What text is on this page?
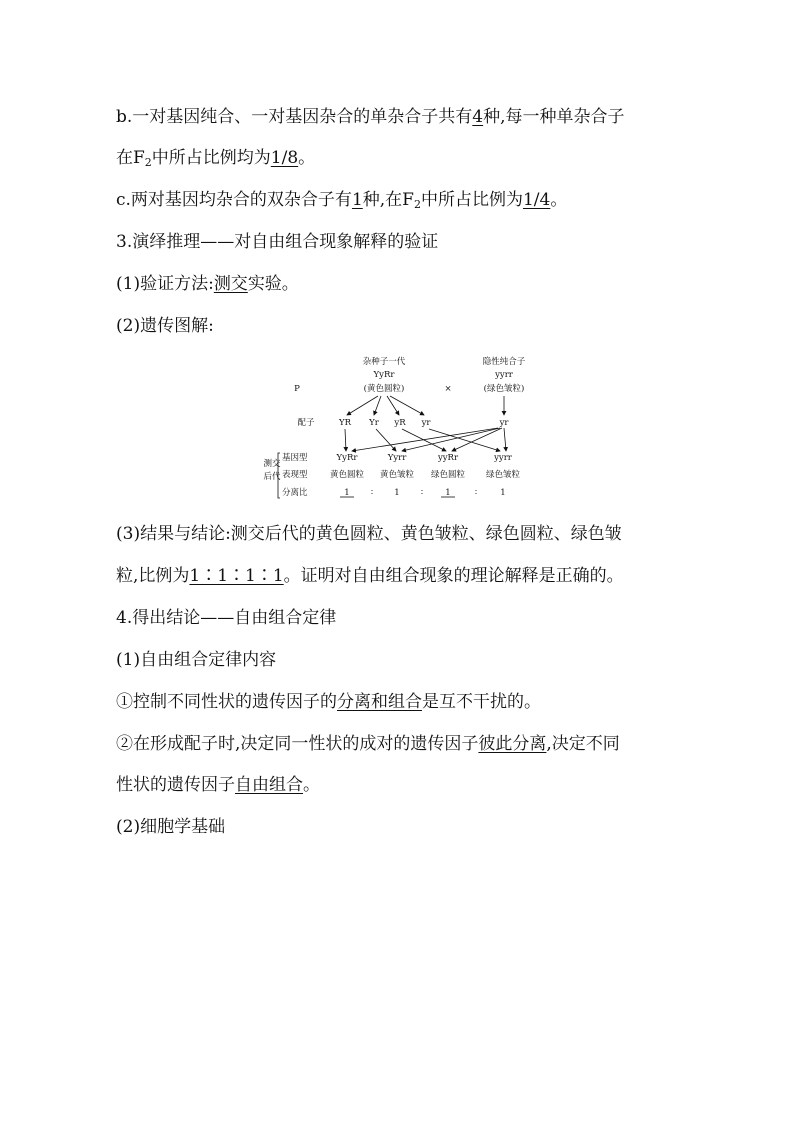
b.一对基因纯合、一对基因杂合的单杂合子共有4种,每一种单杂合子
在$F_2$中所占比例均为1/8。
c.两对基因均杂合的双杂合子有1种,在$F_2$中所占比例为1/4。
3.演绎推理——对自由组合现象解释的验证
(1)验证方法:测交实验。
(2)遗传图解:
杂种子一代
YyRr
(黄色圆粒)
P	×
隐性纯合子
yyrr
(绿色皱粒)
配子	YR Yr yR yr	yr
测交
后代
基因型
表现型
分离比
YyRr	Yyrr	yyRr	yyrr
黄色圆粒 黄色皱粒 绿色圆粒 绿色皱粒
1 ∶ 1 ∶	1	∶	1
(3)结果与结论:测交后代的黄色圆粒、黄色皱粒、绿色圆粒、绿色皱
粒,比例为1∶1∶1∶1。证明对自由组合现象的理论解释是正确的。
4.得出结论——自由组合定律
(1)自由组合定律内容
①控制不同性状的遗传因子的分离和组合是互不干扰的。
②在形成配子时,决定同一性状的成对的遗传因子彼此分离,决定不同
性状的遗传因子自由组合。
(2)细胞学基础
